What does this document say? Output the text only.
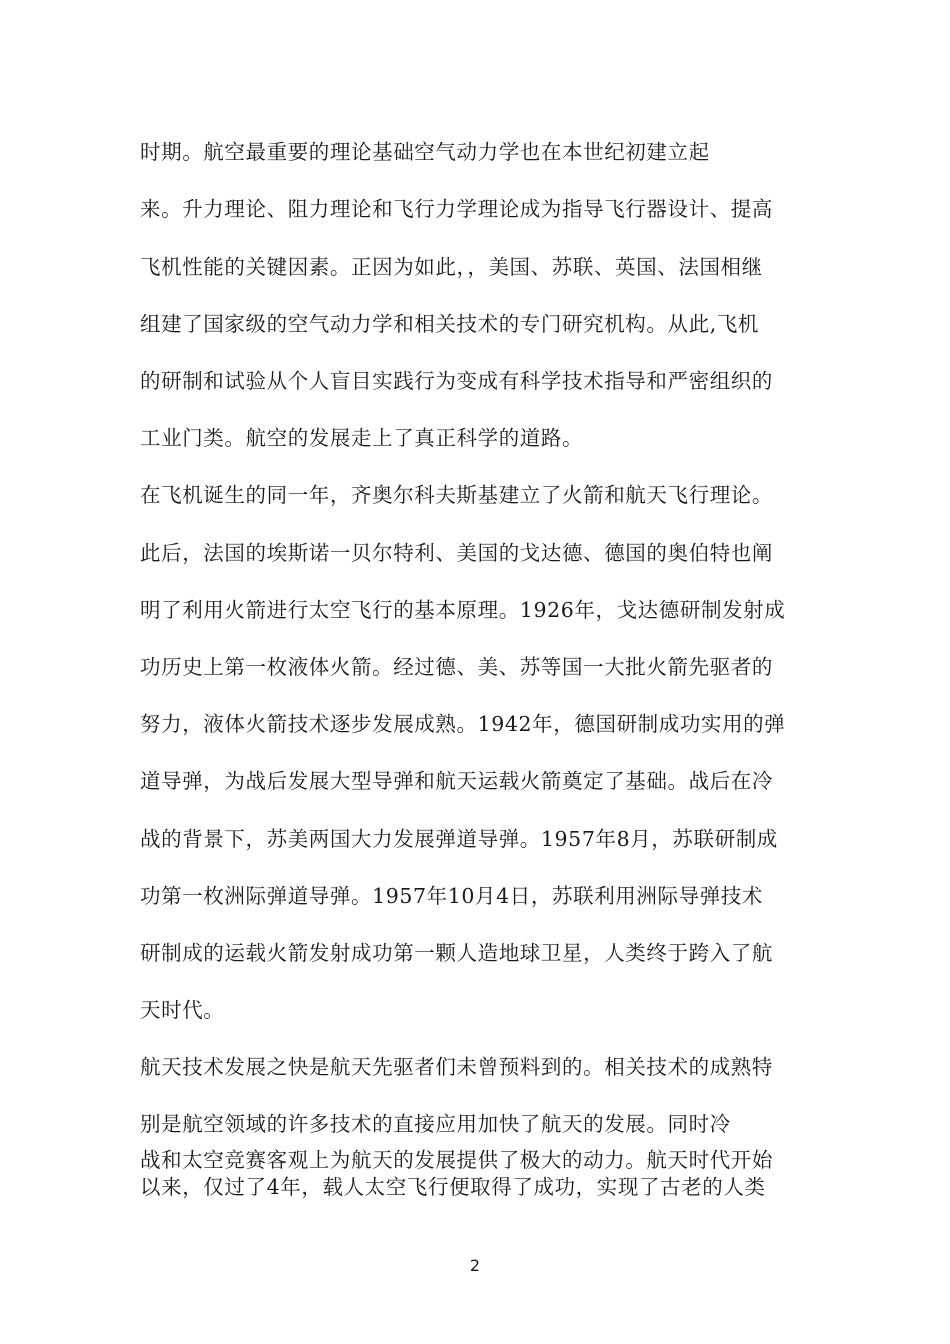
时期。航空最重要的理论基础空气动力学也在本世纪初建立起
来。升力理论、阻力理论和飞行力学理论成为指导飞行器设计、提高
飞机性能的关键因素。正因为如此，，美国、苏联、英国、法国相继
组建了国家级的空气动力学和相关技术的专门研究机构。从此,飞机
的研制和试验从个人盲目实践行为变成有科学技术指导和严密组织的
工业门类。航空的发展走上了真正科学的道路。
在飞机诞生的同一年，齐奥尔科夫斯基建立了火箭和航天飞行理论。
此后，法国的埃斯诺一贝尔特利、美国的戈达德、德国的奥伯特也阐
明了利用火箭进行太空飞行的基本原理。1926年，戈达德研制发射成
功历史上第一枚液体火箭。经过德、美、苏等国一大批火箭先驱者的
努力，液体火箭技术逐步发展成熟。1942年，德国研制成功实用的弹
道导弹，为战后发展大型导弹和航天运载火箭奠定了基础。战后在冷
战的背景下，苏美两国大力发展弹道导弹。1957年8月，苏联研制成
功第一枚洲际弹道导弹。1957年10月4日，苏联利用洲际导弹技术
研制成的运载火箭发射成功第一颗人造地球卫星，人类终于跨入了航
天时代。
航天技术发展之快是航天先驱者们未曾预料到的。相关技术的成熟特
别是航空领域的许多技术的直接应用加快了航天的发展。同时冷
战和太空竞赛客观上为航天的发展提供了极大的动力。航天时代开始
以来，仅过了4年，载人太空飞行便取得了成功，实现了古老的人类
2
